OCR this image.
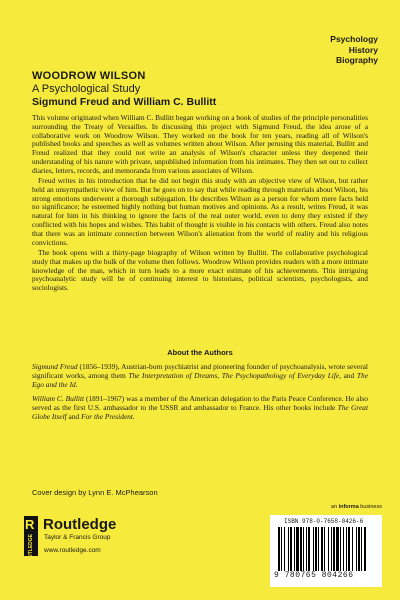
Psychology
History
Biography
WOODROW WILSON
A Psychological Study
Sigmund Freud and William C. Bullitt

This volume originated when William C. Bullitt began working on a book of studies of the principle personalities surrounding the Treaty of Versailles. In discussing this project with Sigmund Freud, the idea arose of a collaborative work on Woodrow Wilson. They worked on the book for ten years, reading all of Wilson's published books and speeches as well as volumes written about Wilson. After perusing this material, Bullitt and Freud realized that they could not write an analysis of Wilson's character unless they deepened their understanding of his nature with private, unpublished information from his intimates. They then set out to collect diaries, letters, records, and memoranda from various associates of Wilson.

Freud writes in his introduction that he did not begin this study with an objective view of Wilson, but rather held an unsympathetic view of him. But he goes on to say that while reading through materials about Wilson, his strong emotions underwent a thorough subjugation. He describes Wilson as a person for whom mere facts held no significance; he esteemed highly nothing but human motives and opinions. As a result, writes Freud, it was natural for him in his thinking to ignore the facts of the real outer world, even to deny they existed if they conflicted with his hopes and wishes. This habit of thought is visible in his contacts with others. Freud also notes that there was an intimate connection between Wilson's alienation from the world of reality and his religious convictions.

The book opens with a thirty-page biography of Wilson written by Bullitt. The collaborative psychological study that makes up the bulk of the volume then follows. Woodrow Wilson provides readers with a more intimate knowledge of the man, which in turn leads to a more exact estimate of his achievements. This intriguing psychoanalytic study will be of continuing interest to historians, political scientists, psychologists, and sociologists.

About the Authors

Sigmund Freud (1856–1939), Austrian-born psychiatrist and pioneering founder of psychoanalysis, wrote several significant works, among them The Interpretation of Dreams, The Psychopathology of Everyday Life, and The Ego and the Id.

William C. Bullitt (1891–1967) was a member of the American delegation to the Paris Peace Conference. He also served as the first U.S. ambassador to the USSR and ambassador to France. His other books include The Great Globe Itself and For the President.

Cover design by Lynn E. McPhearson
R
ROUTLEDGE
Routledge
Taylor & Francis Group
www.routledge.com
an informa business
ISBN 978-0-7658-0426-6
9 780765 804266
